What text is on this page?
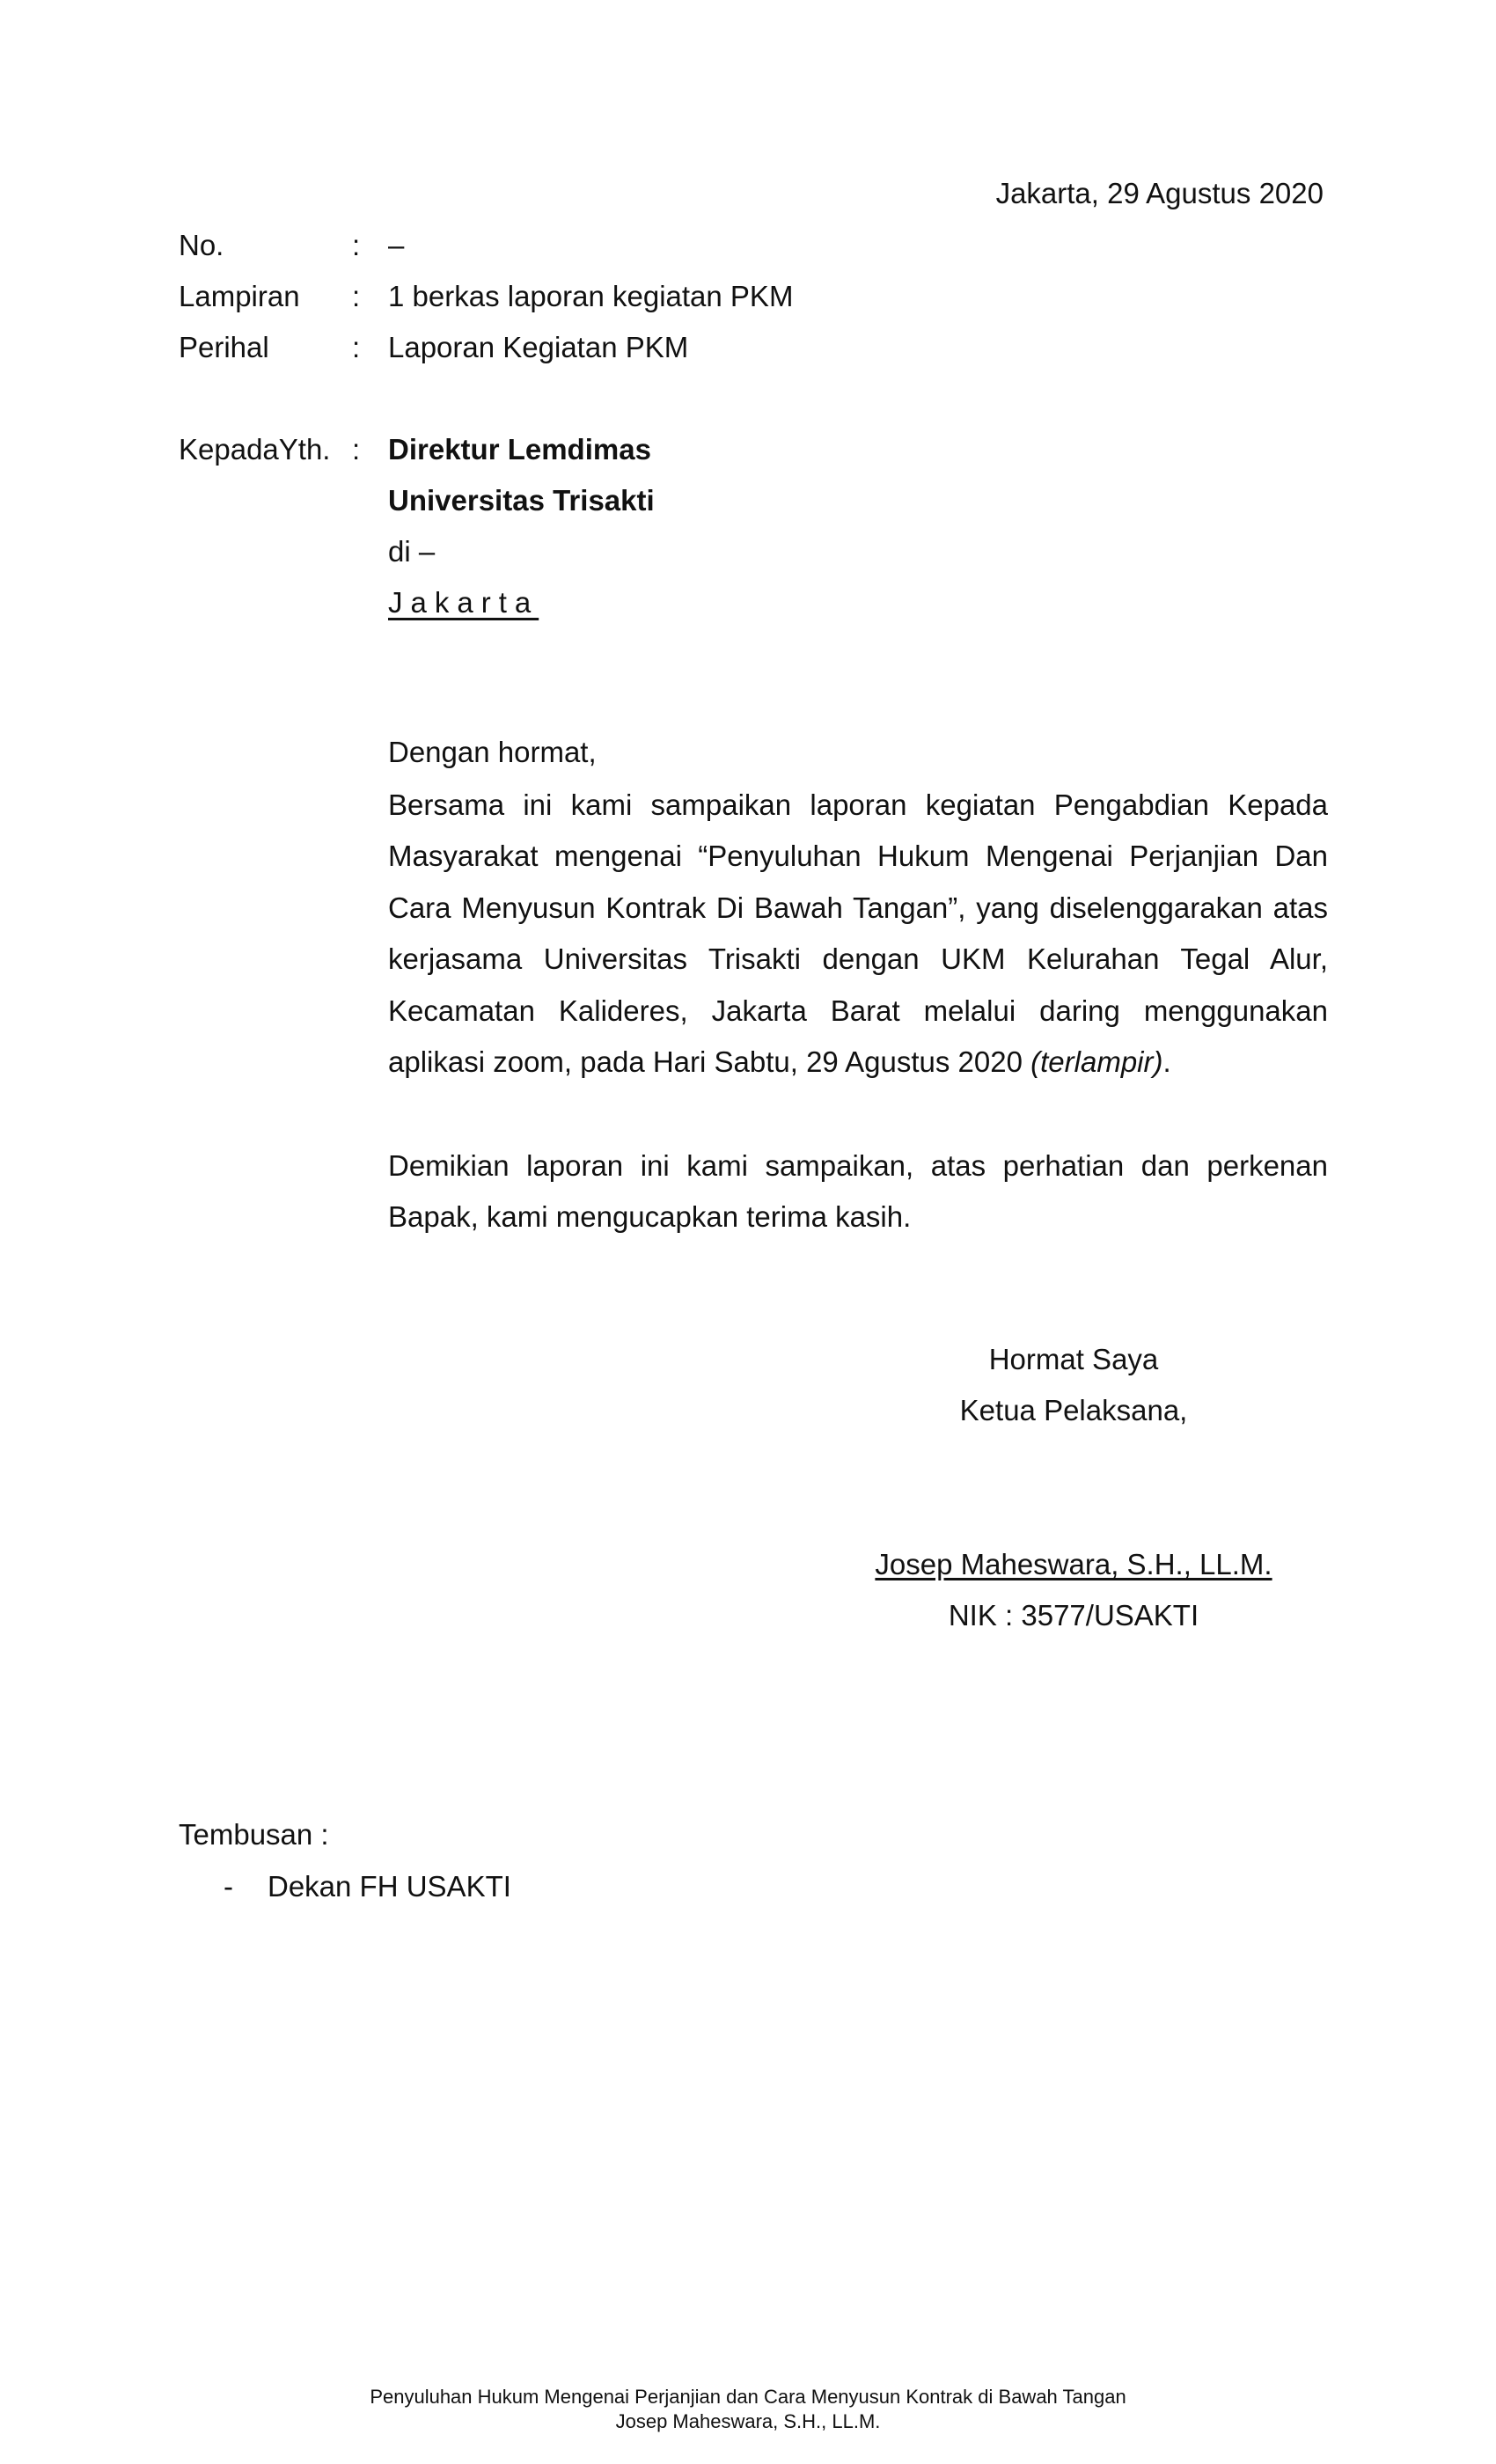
Jakarta, 29 Agustus 2020
No.	: –
Lampiran : 1 berkas laporan kegiatan PKM
Perihal	: Laporan Kegiatan PKM
KepadaYth. : Direktur Lemdimas
Universitas Trisakti
di –
Jakarta
Dengan hormat,

Bersama ini kami sampaikan laporan kegiatan Pengabdian Kepada Masyarakat mengenai “Penyuluhan Hukum Mengenai Perjanjian Dan Cara Menyusun Kontrak Di Bawah Tangan”, yang diselenggarakan atas kerjasama Universitas Trisakti dengan UKM Kelurahan Tegal Alur, Kecamatan Kalideres, Jakarta Barat melalui daring menggunakan aplikasi zoom, pada Hari Sabtu, 29 Agustus 2020 (terlampir).

Demikian laporan ini kami sampaikan, atas perhatian dan perkenan Bapak, kami mengucapkan terima kasih.

Hormat Saya
Ketua Pelaksana,
Josep Maheswara, S.H., LL.M.
NIK : 3577/USAKTI
Tembusan :
- Dekan FH USAKTI
Penyuluhan Hukum Mengenai Perjanjian dan Cara Menyusun Kontrak di Bawah Tangan
Josep Maheswara, S.H., LL.M.
